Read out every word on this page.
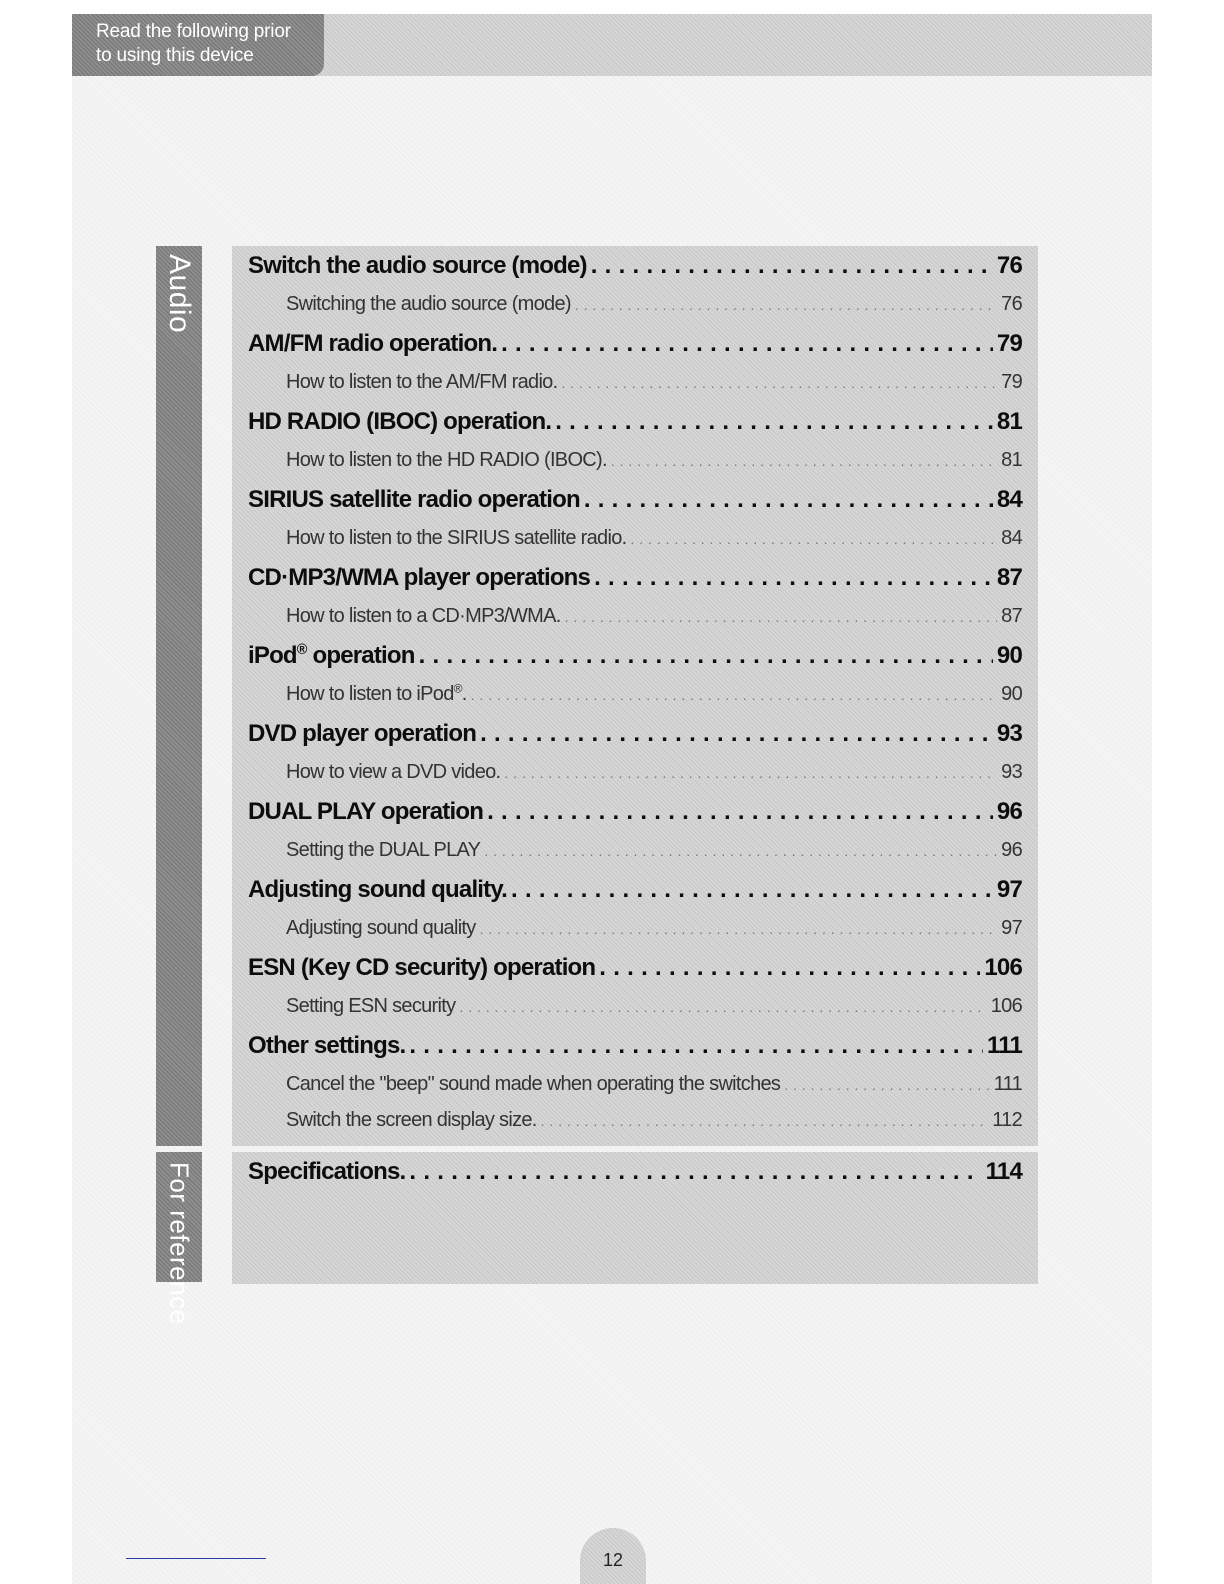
Read the following prior
to using this device
Audio
For reference
Switch the audio source (mode) . . .	76
Switching the audio source (mode) . . .	76
AM/FM radio operation. . . .	79
How to listen to the AM/FM radio. . . .	79
HD RADIO (IBOC) operation. . . .	81
How to listen to the HD RADIO (IBOC). . . .	81
SIRIUS satellite radio operation . . .	84
How to listen to the SIRIUS satellite radio. . . .	84
CD·MP3/WMA player operations . . .	87
How to listen to a CD·MP3/WMA. . . .	87
iPod® operation . . .	90
How to listen to iPod®. . . .	90
DVD player operation . . .	93
How to view a DVD video. . . .	93
DUAL PLAY operation . . .	96
Setting the DUAL PLAY . . .	96
Adjusting sound quality. . . .	97
Adjusting sound quality . . .	97
ESN (Key CD security) operation . . .	106
Setting ESN security . . .	106
Other settings. . . .	111
Cancel the "beep" sound made when operating the switches . . .	111
Switch the screen display size. . . .	112
Specifications. . . .	114
12
